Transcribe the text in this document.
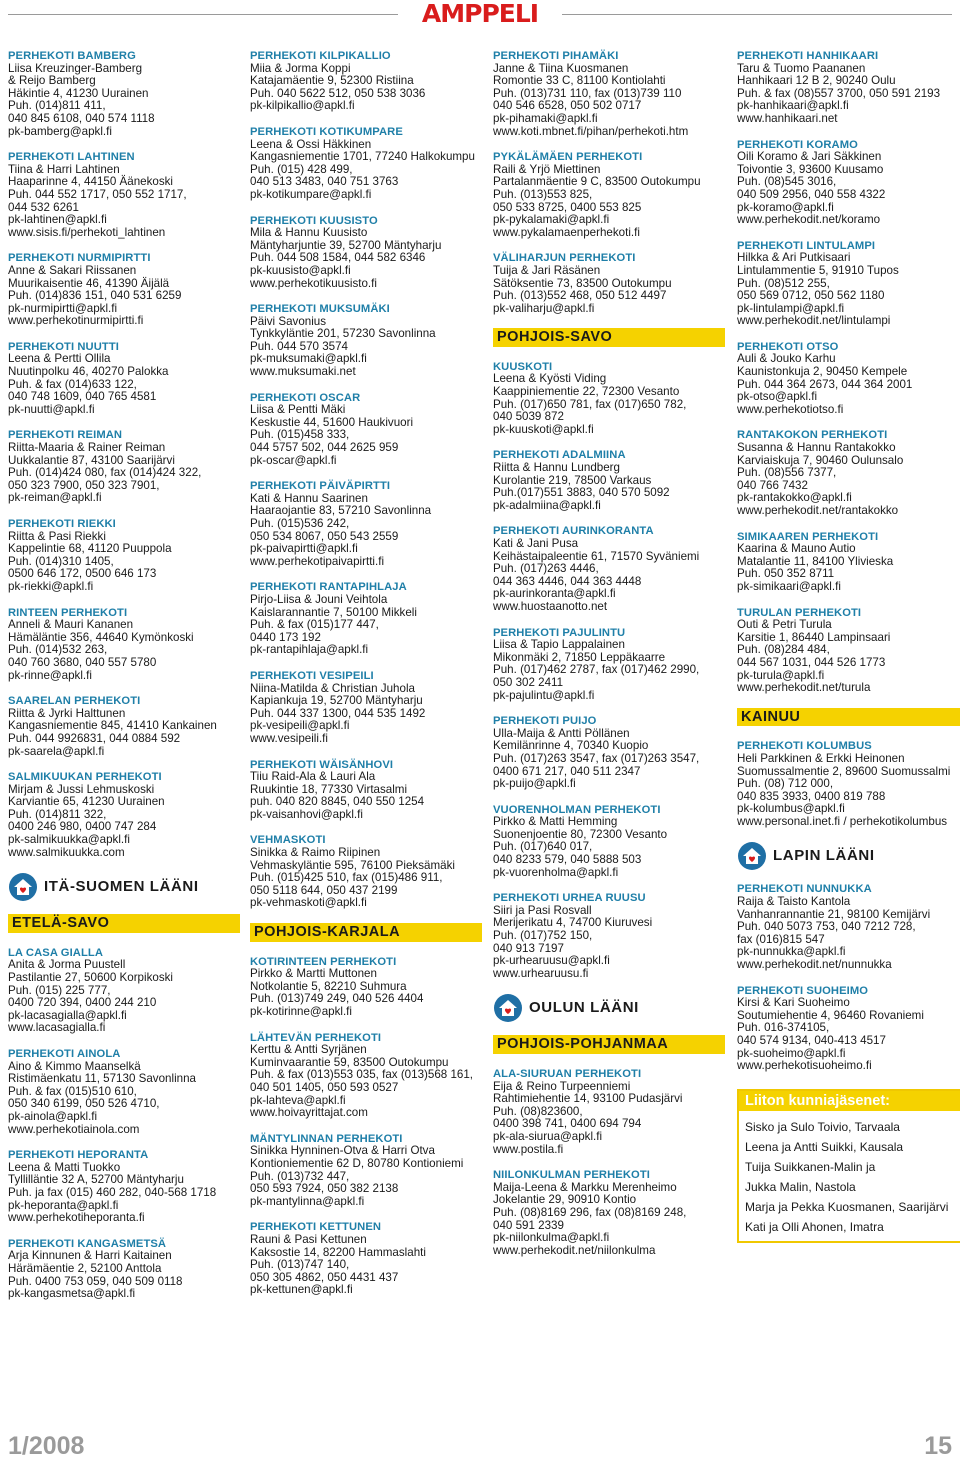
AMPPELI
PERHEKOTI BAMBERG
Liisa Kreuzinger-Bamberg
& Reijo Bamberg
Häkintie 4, 41230 Uurainen
Puh. (014)811 411,
040 845 6108, 040 574 1118
pk-bamberg@apkl.fi
PERHEKOTI LAHTINEN
Tiina & Harri Lahtinen
Haaparinne 4, 44150 Äänekoski
Puh. 044 552 1717, 050 552 1717,
044 532 6261
pk-lahtinen@apkl.fi
www.sisis.fi/perhekoti_lahtinen
PERHEKOTI NURMIPIRTTI
Anne & Sakari Riissanen
Muurikaisentie 46, 41390 Äijälä
Puh. (014)836 151, 040 531 6259
pk-nurmipirtti@apkl.fi
www.perhekotinurmipirtti.fi
PERHEKOTI NUUTTI
Leena & Pertti Ollila
Nuutinpolku 46, 40270 Palokka
Puh. & fax (014)633 122,
040 748 1609, 040 765 4581
pk-nuutti@apkl.fi
PERHEKOTI REIMAN
Riitta-Maaria & Rainer Reiman
Uukkalantie 87, 43100 Saarijärvi
Puh. (014)424 080, fax (014)424 322,
050 323 7900, 050 323 7901,
pk-reiman@apkl.fi
PERHEKOTI RIEKKI
Riitta & Pasi Riekki
Kappelintie 68, 41120 Puuppola
Puh. (014)310 1405,
0500 646 172, 0500 646 173
pk-riekki@apkl.fi
RINTEEN PERHEKOTI
Anneli & Mauri Kananen
Hämäläntie 356, 44640 Kymönkoski
Puh. (014)532 263,
040 760 3680, 040 557 5780
pk-rinne@apkl.fi
SAARELAN PERHEKOTI
Riitta & Jyrki Halttunen
Kangasniementie 845, 41410 Kankainen
Puh. 044 9926831, 044 0884 592
pk-saarela@apkl.fi
SALMIKUUKAN PERHEKOTI
Mirjam & Jussi Lehmuskoski
Karviantie 65, 41230 Uurainen
Puh. (014)811 322,
0400 246 980, 0400 747 284
pk-salmikuukka@apkl.fi
www.salmikuukka.com
ITÄ-SUOMEN LÄÄNI
ETELÄ-SAVO
LA CASA GIALLA
Anita & Jorma Puustell
Pastilantie 27, 50600 Korpikoski
Puh. (015) 225 777,
0400 720 394, 0400 244 210
pk-lacasagialla@apkl.fi
www.lacasagialla.fi
PERHEKOTI AINOLA
Aino & Kimmo Maanselkä
Ristimäenkatu 11, 57130 Savonlinna
Puh. & fax (015)510 610,
050 340 6199, 050 526 4710,
pk-ainola@apkl.fi
www.perhekotiainola.com
PERHEKOTI HEPORANTA
Leena & Matti Tuokko
Tyllilläntie 32 A, 52700 Mäntyharju
Puh. ja fax (015) 460 282, 040-568 1718
pk-heporanta@apkl.fi
www.perhekotiheporanta.fi
PERHEKOTI KANGASMETSÄ
Arja Kinnunen & Harri Kaitainen
Härämäentie 2, 52100 Anttola
Puh. 0400 753 059, 040 509 0118
pk-kangasmetsa@apkl.fi
PERHEKOTI KILPIKALLIO
Miia & Jorma Koppi
Katajamäentie 9, 52300 Ristiina
Puh. 040 5622 512, 050 538 3036
pk-kilpikallio@apkl.fi
PERHEKOTI KOTIKUMPARE
Leena & Ossi Häkkinen
Kangasniementie 1701, 77240 Halkokumpu
Puh. (015) 428 499,
040 513 3483, 040 751 3763
pk-kotikumpare@apkl.fi
PERHEKOTI KUUSISTO
Mila & Hannu Kuusisto
Mäntyharjuntie 39, 52700 Mäntyharju
Puh. 044 508 1584, 044 582 6346
pk-kuusisto@apkl.fi
www.perhekotikuusisto.fi
PERHEKOTI MUKSUMÄKI
Päivi Savonius
Tynkkyläntie 201, 57230 Savonlinna
Puh. 044 570 3574
pk-muksumaki@apkl.fi
www.muksumaki.net
PERHEKOTI OSCAR
Liisa & Pentti Mäki
Keskustie 44, 51600 Haukivuori
Puh. (015)458 333,
044 5757 502, 044 2625 959
pk-oscar@apkl.fi
PERHEKOTI PÄIVÄPIRTTI
Kati & Hannu Saarinen
Haaraojantie 83, 57210 Savonlinna
Puh. (015)536 242,
050 534 8067, 050 543 2559
pk-paivapirtti@apkl.fi
www.perhekotipaivapirtti.fi
PERHEKOTI RANTAPIHLAJA
Pirjo-Liisa & Jouni Veihtola
Kaislarannantie 7, 50100 Mikkeli
Puh. & fax (015)177 447,
0440 173 192
pk-rantapihlaja@apkl.fi
PERHEKOTI VESIPEILI
Niina-Matilda & Christian Juhola
Kapiankuja 19, 52700 Mäntyharju
Puh. 044 337 1300, 044 535 1492
pk-vesipeili@apkl.fi
www.vesipeili.fi
PERHEKOTI WÄISÄNHOVI
Tiiu Raid-Ala & Lauri Ala
Ruukintie 18, 77330 Virtasalmi
puh. 040 820 8845, 040 550 1254
pk-vaisanhovi@apkl.fi
VEHMASKOTI
Sinikka & Raimo Riipinen
Vehmaskyläntie 595, 76100 Pieksämäki
Puh. (015)425 510, fax (015)486 911,
050 5118 644, 050 437 2199
pk-vehmaskoti@apkl.fi
POHJOIS-KARJALA
KOTIRINTEEN PERHEKOTI
Pirkko & Martti Muttonen
Notkolantie 5, 82210 Suhmura
Puh. (013)749 249, 040 526 4404
pk-kotirinne@apkl.fi
LÄHTEVÄN PERHEKOTI
Kerttu & Antti Syrjänen
Kuminvaarantie 59, 83500 Outokumpu
Puh. & fax (013)553 035, fax (013)568 161,
040 501 1405, 050 593 0527
pk-lahteva@apkl.fi
www.hoivayrittajat.com
MÄNTYLINNAN PERHEKOTI
Sinikka Hynninen-Otva & Harri Otva
Kontioniementie 62 D, 80780 Kontioniemi
Puh. (013)732 447,
050 593 7924, 050 382 2138
pk-mantylinna@apkl.fi
PERHEKOTI KETTUNEN
Rauni & Pasi Kettunen
Kaksostie 14, 82200 Hammaslahti
Puh. (013)747 140,
050 305 4862, 050 4431 437
pk-kettunen@apkl.fi
PERHEKOTI PIHAMÄKI
Janne & Tiina Kuosmanen
Romontie 33 C, 81100 Kontiolahti
Puh. (013)731 110, fax (013)739 110
040 546 6528, 050 502 0717
pk-pihamaki@apkl.fi
www.koti.mbnet.fi/pihan/perhekoti.htm
PYKÄLÄMÄEN PERHEKOTI
Raili & Yrjö Miettinen
Partalanmäentie 9 C, 83500 Outokumpu
Puh. (013)553 825,
050 533 8725, 0400 553 825
pk-pykalamaki@apkl.fi
www.pykalamaenperhekoti.fi
VÄLIHARJUN PERHEKOTI
Tuija & Jari Räsänen
Sätöksentie 73, 83500 Outokumpu
Puh. (013)552 468, 050 512 4497
pk-valiharju@apkl.fi
POHJOIS-SAVO
KUUSKOTI
Leena & Kyösti Viding
Kaappiniementie 22, 72300 Vesanto
Puh. (017)650 781, fax (017)650 782,
040 5039 872
pk-kuuskoti@apkl.fi
PERHEKOTI ADALMIINA
Riitta & Hannu Lundberg
Kurolantie 219, 78500 Varkaus
Puh.(017)551 3883, 040 570 5092
pk-adalmiina@apkl.fi
PERHEKOTI AURINKORANTA
Kati & Jani Pusa
Keihästaipaleentie 61, 71570 Syväniemi
Puh. (017)263 4446,
044 363 4446, 044 363 4448
pk-aurinkoranta@apkl.fi
www.huostaanotto.net
PERHEKOTI PAJULINTU
Liisa & Tapio Lappalainen
Mikonmäki 2, 71850 Leppäkaarre
Puh. (017)462 2787, fax (017)462 2990,
050 302 2411
pk-pajulintu@apkl.fi
PERHEKOTI PUIJO
Ulla-Maija & Antti Pöllänen
Kemilänrinne 4, 70340 Kuopio
Puh. (017)263 3547, fax (017)263 3547,
0400 671 217, 040 511 2347
pk-puijo@apkl.fi
VUORENHOLMAN PERHEKOTI
Pirkko & Matti Hemming
Suonenjoentie 80, 72300 Vesanto
Puh. (017)640 017,
040 8233 579, 040 5888 503
pk-vuorenholma@apkl.fi
PERHEKOTI URHEA RUUSU
Siiri ja Pasi Rosvall
Merijerikatu 4, 74700 Kiuruvesi
Puh. (017)752 150,
040 913 7197
pk-urhearuusu@apkl.fi
www.urhearuusu.fi
OULUN LÄÄNI
POHJOIS-POHJANMAA
ALA-SIURUAN PERHEKOTI
Eija & Reino Turpeenniemi
Rahtimiehentie 14, 93100 Pudasjärvi
Puh. (08)823600,
0400 398 741, 0400 694 794
pk-ala-siurua@apkl.fi
www.postila.fi
NIILONKULMAN PERHEKOTI
Maija-Leena & Markku Merenheimo
Jokelantie 29, 90910 Kontio
Puh. (08)8169 296, fax (08)8169 248,
040 591 2339
pk-niilonkulma@apkl.fi
www.perhekodit.net/niilonkulma
PERHEKOTI HANHIKAARI
Taru & Tuomo Paananen
Hanhikaari 12 B 2, 90240 Oulu
Puh. & fax (08)557 3700, 050 591 2193
pk-hanhikaari@apkl.fi
www.hanhikaari.net
PERHEKOTI KORAMO
Oili Koramo & Jari Säkkinen
Toivontie 3, 93600 Kuusamo
Puh. (08)545 3016,
040 509 2956, 040 558 4322
pk-koramo@apkl.fi
www.perhekodit.net/koramo
PERHEKOTI LINTULAMPI
Hilkka & Ari Putkisaari
Lintulammentie 5, 91910 Tupos
Puh. (08)512 255,
050 569 0712, 050 562 1180
pk-lintulampi@apkl.fi
www.perhekodit.net/lintulampi
PERHEKOTI OTSO
Auli & Jouko Karhu
Kaunistonkuja 2, 90450 Kempele
Puh. 044 364 2673, 044 364 2001
pk-otso@apkl.fi
www.perhekotiotso.fi
RANTAKOKON PERHEKOTI
Susanna & Hannu Rantakokko
Karviaiskuja 7, 90460 Oulunsalo
Puh. (08)556 7377,
040 766 7432
pk-rantakokko@apkl.fi
www.perhekodit.net/rantakokko
SIMIKAAREN PERHEKOTI
Kaarina & Mauno Autio
Matalantie 11, 84100 Ylivieska
Puh. 050 352 8711
pk-simikaari@apkl.fi
TURULAN PERHEKOTI
Outi & Petri Turula
Karsitie 1, 86440 Lampinsaari
Puh. (08)284 484,
044 567 1031, 044 526 1773
pk-turula@apkl.fi
www.perhekodit.net/turula
KAINUU
PERHEKOTI KOLUMBUS
Heli Parkkinen & Erkki Heinonen
Suomussalmentie 2, 89600 Suomussalmi
Puh. (08) 712 000,
040 835 3933, 0400 819 788
pk-kolumbus@apkl.fi
www.personal.inet.fi / perhekotikolumbus
LAPIN LÄÄNI
PERHEKOTI NUNNUKKA
Raija & Taisto Kantola
Vanhanrannantie 21, 98100 Kemijärvi
Puh. 040 5073 753, 040 7212 728,
fax (016)815 547
pk-nunnukka@apkl.fi
www.perhekodit.net/nunnukka
PERHEKOTI SUOHEIMO
Kirsi & Kari Suoheimo
Soutumiehentie 4, 96460 Rovaniemi
Puh. 016-374105,
040 574 9134, 040-413 4517
pk-suoheimo@apkl.fi
www.perhekotisuoheimo.fi
Liiton kunniajäsenet:
Sisko ja Sulo Toivio, Tarvaala
Leena ja Antti Suikki, Kausala
Tuija Suikkanen-Malin ja
Jukka Malin, Nastola
Marja ja Pekka Kuosmanen, Saarijärvi
Kati ja Olli Ahonen, Imatra
1/2008	15
